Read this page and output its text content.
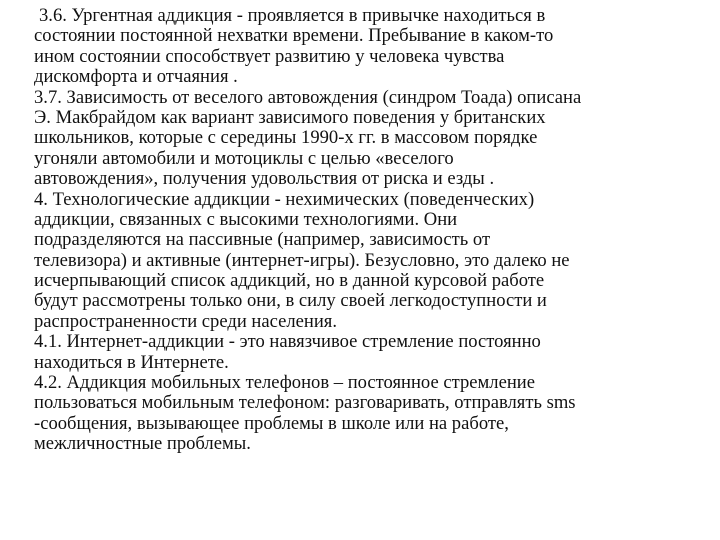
3.6. Ургентная аддикция - проявляется в привычке находиться в
состоянии постоянной нехватки времени. Пребывание в каком-то
ином состоянии способствует развитию у человека чувства
дискомфорта и отчаяния .
3.7. Зависимость от веселого автовождения (синдром Тоада) описана
Э. Макбрайдом как вариант зависимого поведения у британских
школьников, которые с середины 1990-х гг. в массовом порядке
угоняли автомобили и мотоциклы с целью «веселого
автовождения», получения удовольствия от риска и езды .
4. Технологические аддикции - нехимических (поведенческих)
аддикции, связанных с высокими технологиями. Они
подразделяются на пассивные (например, зависимость от
телевизора) и активные (интернет-игры). Безусловно, это далеко не
исчерпывающий список аддикций, но в данной курсовой работе
будут рассмотрены только они, в силу своей легкодоступности и
распространенности среди населения.
4.1. Интернет-аддикции - это навязчивое стремление постоянно
находиться в Интернете.
4.2. Аддикция мобильных телефонов – постоянное стремление
пользоваться мобильным телефоном: разговаривать, отправлять sms
-сообщения, вызывающее проблемы в школе или на работе,
межличностные проблемы.
